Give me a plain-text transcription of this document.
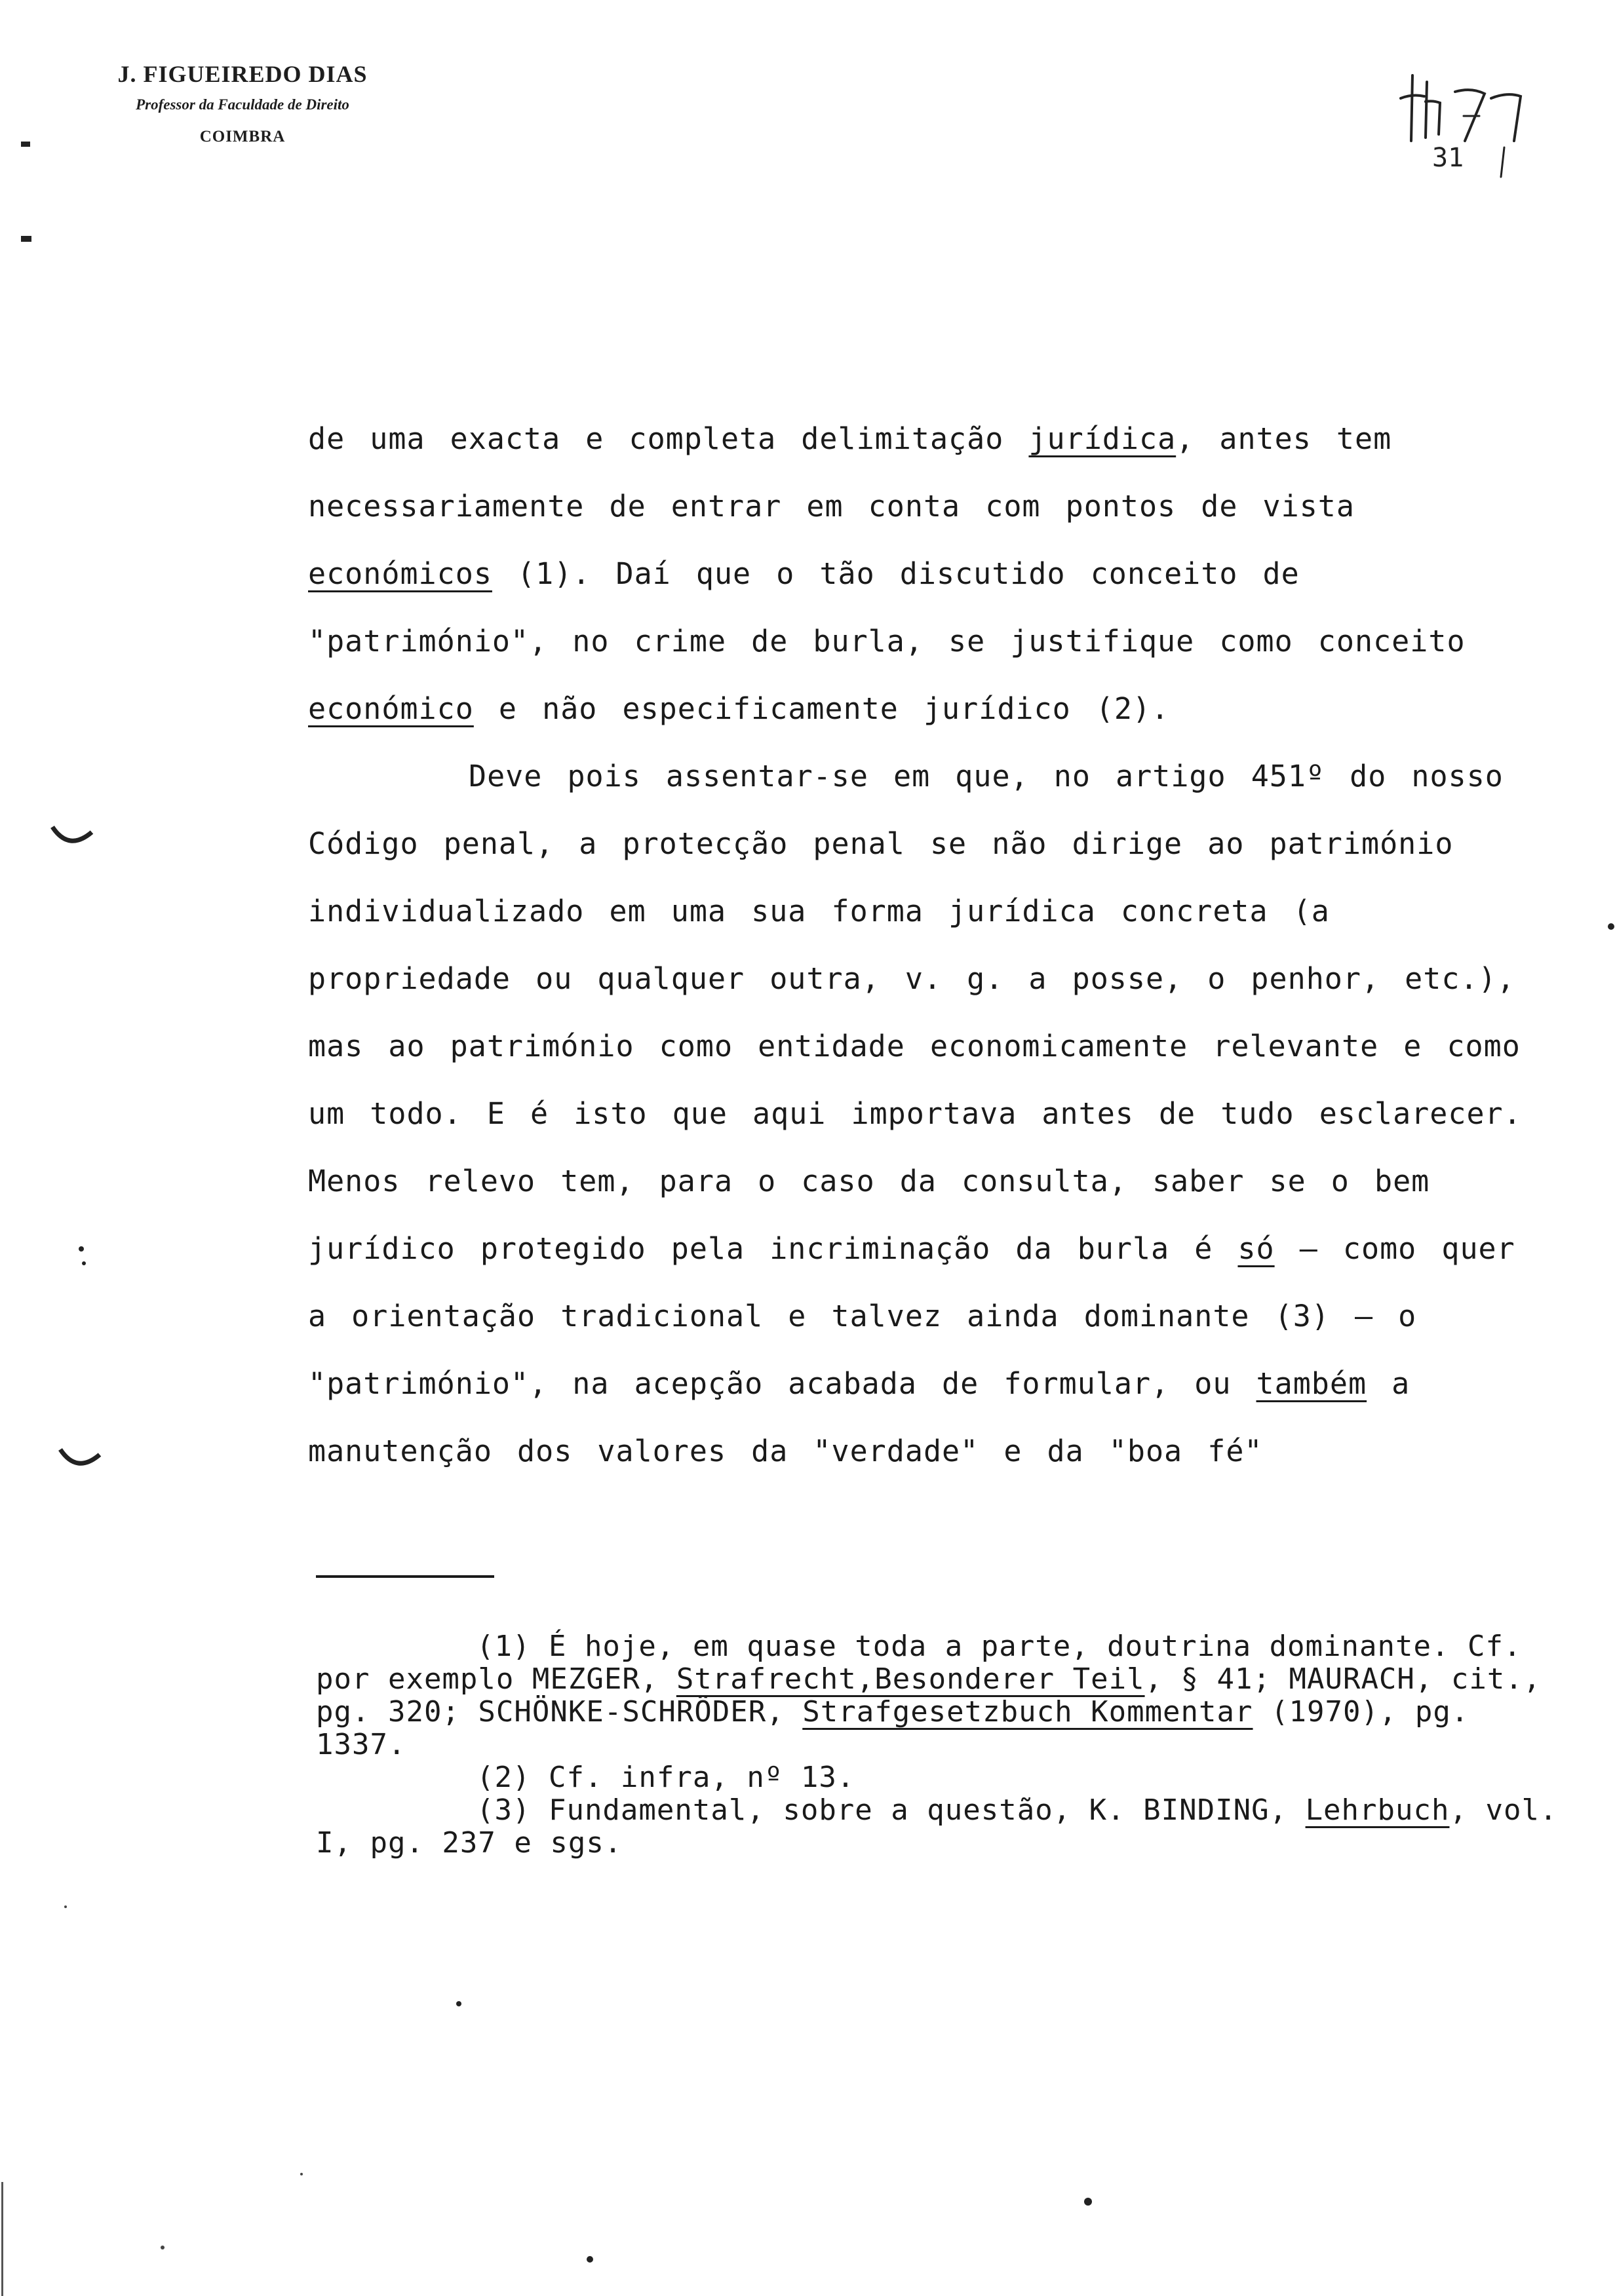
J. FIGUEIREDO DIAS
Professor da Faculdade de Direito
COIMBRA
31

de uma exacta e completa delimitação jurídica, antes tem necessariamente de entrar em conta com pontos de vista económicos (1). Daí que o tão discutido conceito de "património", no crime de burla, se justifique como conceito económico e não especificamente jurídico (2).

Deve pois assentar-se em que, no artigo 451º do nosso Código penal, a protecção penal se não dirige ao património individualizado em uma sua forma jurídica concreta (a propriedade ou qualquer outra, v. g. a posse, o penhor, etc.), mas ao património como entidade economicamente relevante e como um todo. E é isto que aqui importava antes de tudo esclarecer. Menos relevo tem, para o caso da consulta, saber se o bem jurídico protegido pela incriminação da burla é só — como quer a orientação tradicional e talvez ainda dominante (3) — o "património", na acepção acabada de formular, ou também a manutenção dos valores da "verdade" e da "boa fé"

(1) É hoje, em quase toda a parte, doutrina dominante. Cf. por exemplo MEZGER, Strafrecht,Besonderer Teil, § 41; MAURACH, cit., pg. 320; SCHÖNKE-SCHRÖDER, Strafgesetzbuch Kommentar (1970), pg. 1337.

(2) Cf. infra, nº 13.

(3) Fundamental, sobre a questão, K. BINDING, Lehrbuch, vol. I, pg. 237 e sgs.
